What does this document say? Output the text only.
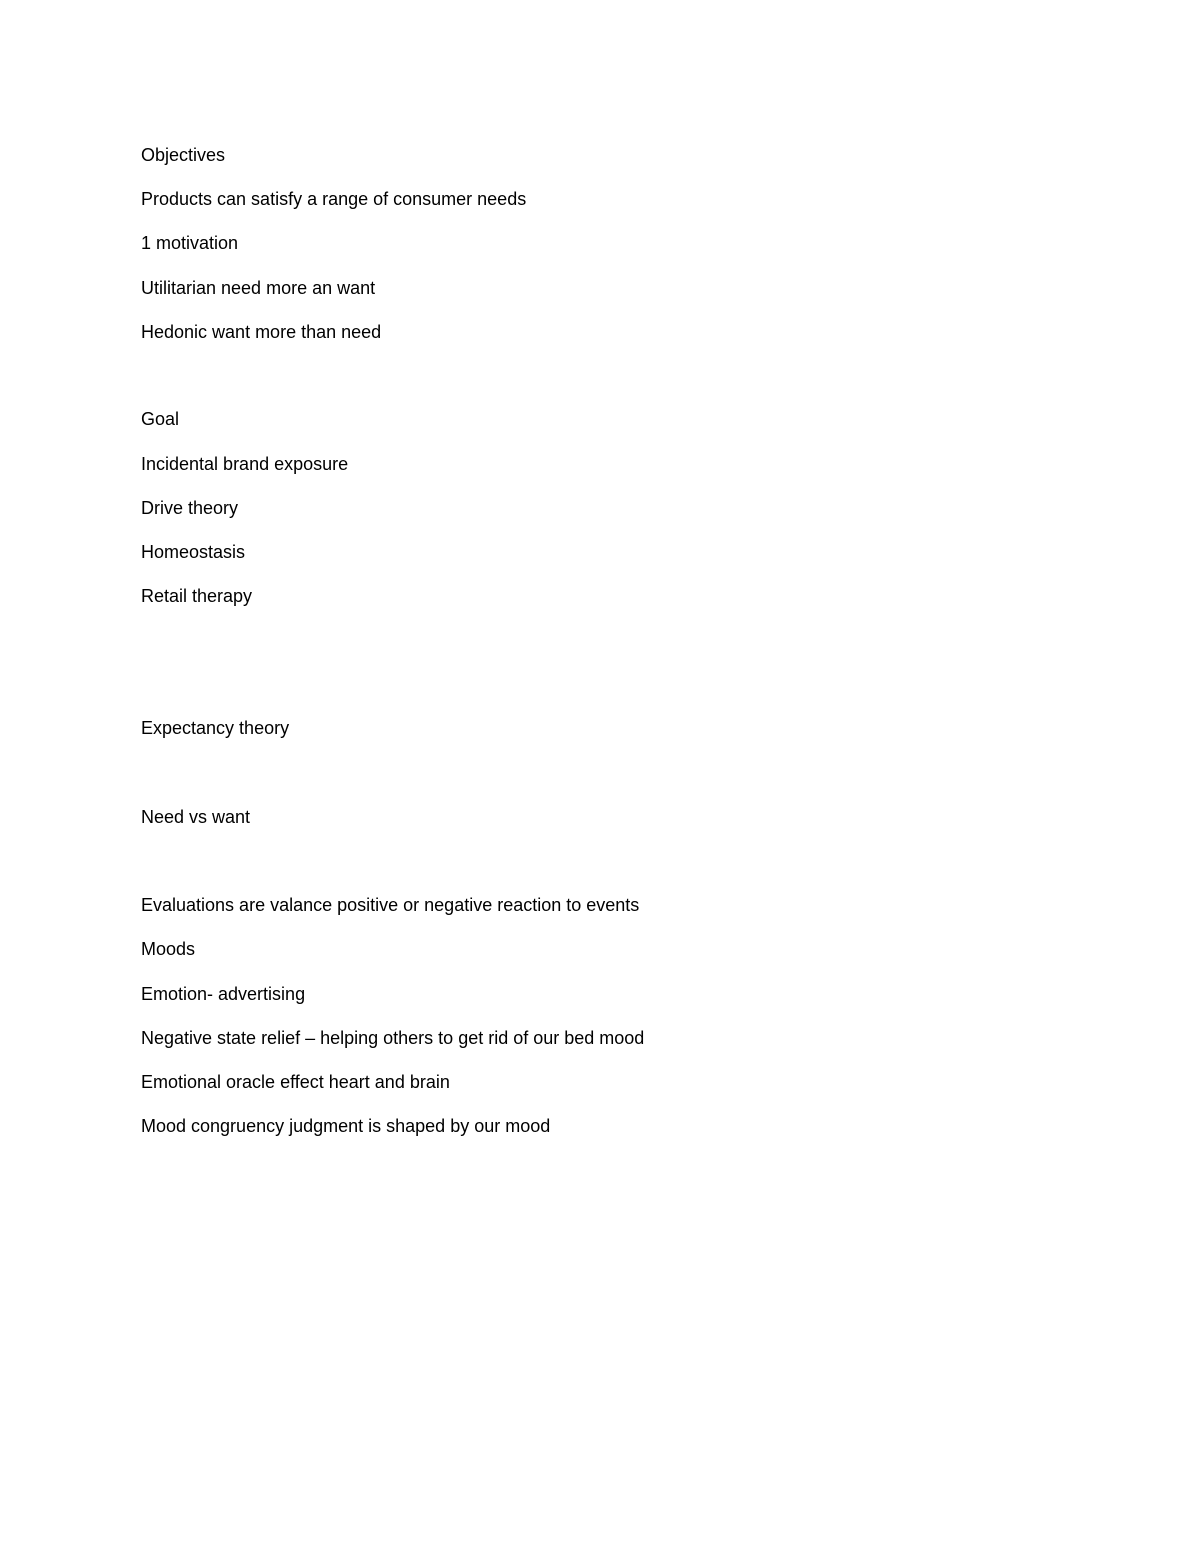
Objectives
Products can satisfy a range of consumer needs
1 motivation
Utilitarian need more an want
Hedonic want more than need
Goal
Incidental brand exposure
Drive theory
Homeostasis
Retail therapy
Expectancy theory
Need vs want
Evaluations are valance positive or negative reaction to events
Moods
Emotion- advertising
Negative state relief – helping others to get rid of our bed mood
Emotional oracle effect heart and brain
Mood congruency judgment is shaped by our mood
